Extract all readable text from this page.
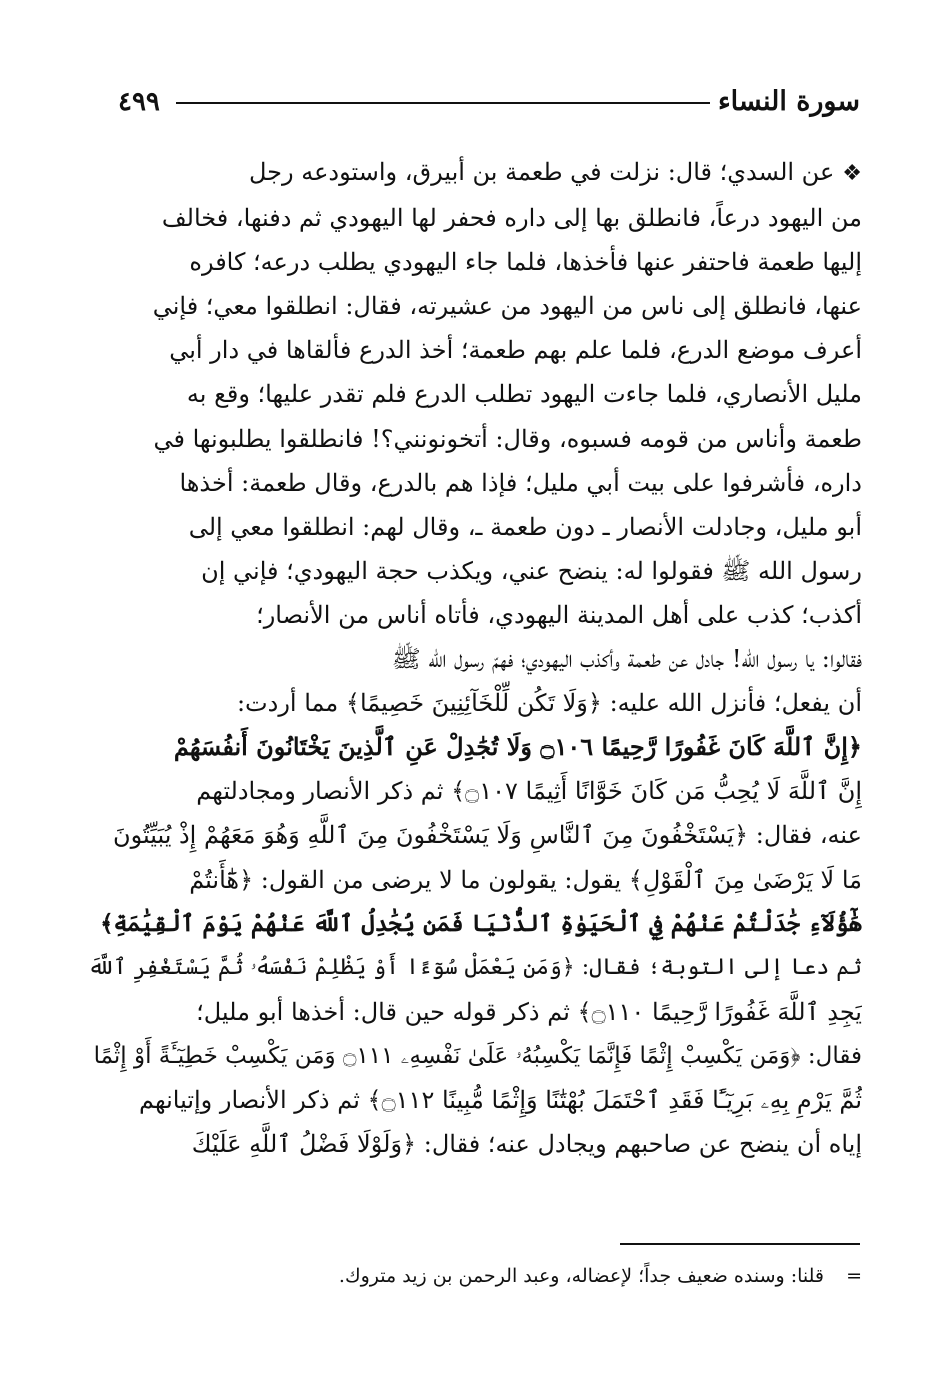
سورة النساء
٤٩٩
❖عن السدي؛ قال: نزلت في طعمة بن أبيرق، واستودعه رجل
من اليهود درعاً، فانطلق بها إلى داره فحفر لها اليهودي ثم دفنها، فخالف
إليها طعمة فاحتفر عنها فأخذها، فلما جاء اليهودي يطلب درعه؛ كافره
عنها، فانطلق إلى ناس من اليهود من عشيرته، فقال: انطلقوا معي؛ فإني
أعرف موضع الدرع، فلما علم بهم طعمة؛ أخذ الدرع فألقاها في دار أبي
مليل الأنصاري، فلما جاءت اليهود تطلب الدرع فلم تقدر عليها؛ وقع به
طعمة وأناس من قومه فسبوه، وقال: أتخونونني؟! فانطلقوا يطلبونها في
داره، فأشرفوا على بيت أبي مليل؛ فإذا هم بالدرع، وقال طعمة: أخذها
أبو مليل، وجادلت الأنصار ـ دون طعمة ـ، وقال لهم: انطلقوا معي إلى
رسول الله ﷺ فقولوا له: ينضح عني، ويكذب حجة اليهودي؛ فإني إن
أكذب؛ كذب على أهل المدينة اليهودي، فأتاه أناس من الأنصار؛
فقالوا: يا رسول الله! جادل عن طعمة وأكذب اليهودي؛ فهمّ رسول الله ﷺ
أن يفعل؛ فأنزل الله عليه: ﴿وَلَا تَكُن لِّلْخَآئِنِينَ خَصِيمًا﴾ مما أردت:
﴿إِنَّ ٱللَّهَ كَانَ غَفُورًا رَّحِيمًا ۝١٠٦ وَلَا تُجَٰدِلْ عَنِ ٱلَّذِينَ يَخْتَانُونَ أَنفُسَهُمْ
إِنَّ ٱللَّهَ لَا يُحِبُّ مَن كَانَ خَوَّانًا أَثِيمًا ۝١٠٧﴾ ثم ذكر الأنصار ومجادلتهم
عنه، فقال: ﴿يَسْتَخْفُونَ مِنَ ٱلنَّاسِ وَلَا يَسْتَخْفُونَ مِنَ ٱللَّهِ وَهُوَ مَعَهُمْ إِذْ يُبَيِّتُونَ
مَا لَا يَرْضَىٰ مِنَ ٱلْقَوْلِ﴾ يقول: يقولون ما لا يرضى من القول: ﴿هَٰٓأَنتُمْ
هَٰٓؤُلَآءِ جَٰدَلْتُمْ عَنْهُمْ فِي ٱلْحَيَوٰةِ ٱلدُّنْيَا فَمَن يُجَٰدِلُ ٱللَّهَ عَنْهُمْ يَوْمَ ٱلْقِيَٰمَةِ﴾
ثم دعا إلى التوبة؛ فقال: ﴿وَمَن يَعْمَلْ سُوٓءًا أَوْ يَظْلِمْ نَفْسَهُۥ ثُمَّ يَسْتَغْفِرِ ٱللَّهَ
يَجِدِ ٱللَّهَ غَفُورًا رَّحِيمًا ۝١١٠﴾ ثم ذكر قوله حين قال: أخذها أبو مليل؛
فقال: ﴿وَمَن يَكْسِبْ إِثْمًا فَإِنَّمَا يَكْسِبُهُۥ عَلَىٰ نَفْسِهِۦ ۝١١١ وَمَن يَكْسِبْ خَطِيٓـَٔةً أَوْ إِثْمًا
ثُمَّ يَرْمِ بِهِۦ بَرِيٓـًٔا فَقَدِ ٱحْتَمَلَ بُهْتَٰنًا وَإِثْمًا مُّبِينًا ۝١١٢﴾ ثم ذكر الأنصار وإتيانهم
إياه أن ينضح عن صاحبهم ويجادل عنه؛ فقال: ﴿وَلَوْلَا فَضْلُ ٱللَّهِ عَلَيْكَ
= قلنا: وسنده ضعيف جداً؛ لإعضاله، وعبد الرحمن بن زيد متروك.
